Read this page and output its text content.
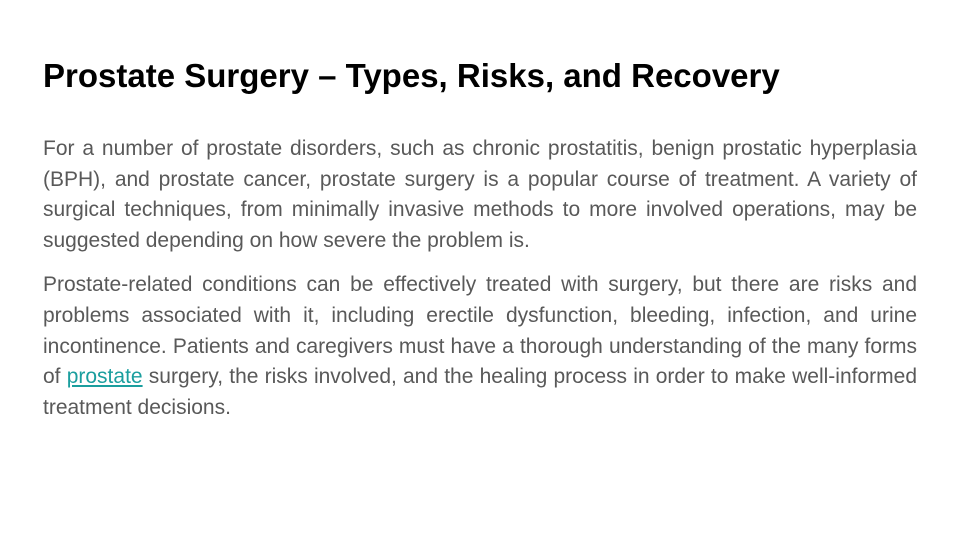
Prostate Surgery – Types, Risks, and Recovery

For a number of prostate disorders, such as chronic prostatitis, benign prostatic hyperplasia (BPH), and prostate cancer, prostate surgery is a popular course of treatment. A variety of surgical techniques, from minimally invasive methods to more involved operations, may be suggested depending on how severe the problem is.

Prostate-related conditions can be effectively treated with surgery, but there are risks and problems associated with it, including erectile dysfunction, bleeding, infection, and urine incontinence. Patients and caregivers must have a thorough understanding of the many forms of prostate surgery, the risks involved, and the healing process in order to make well-informed treatment decisions.
